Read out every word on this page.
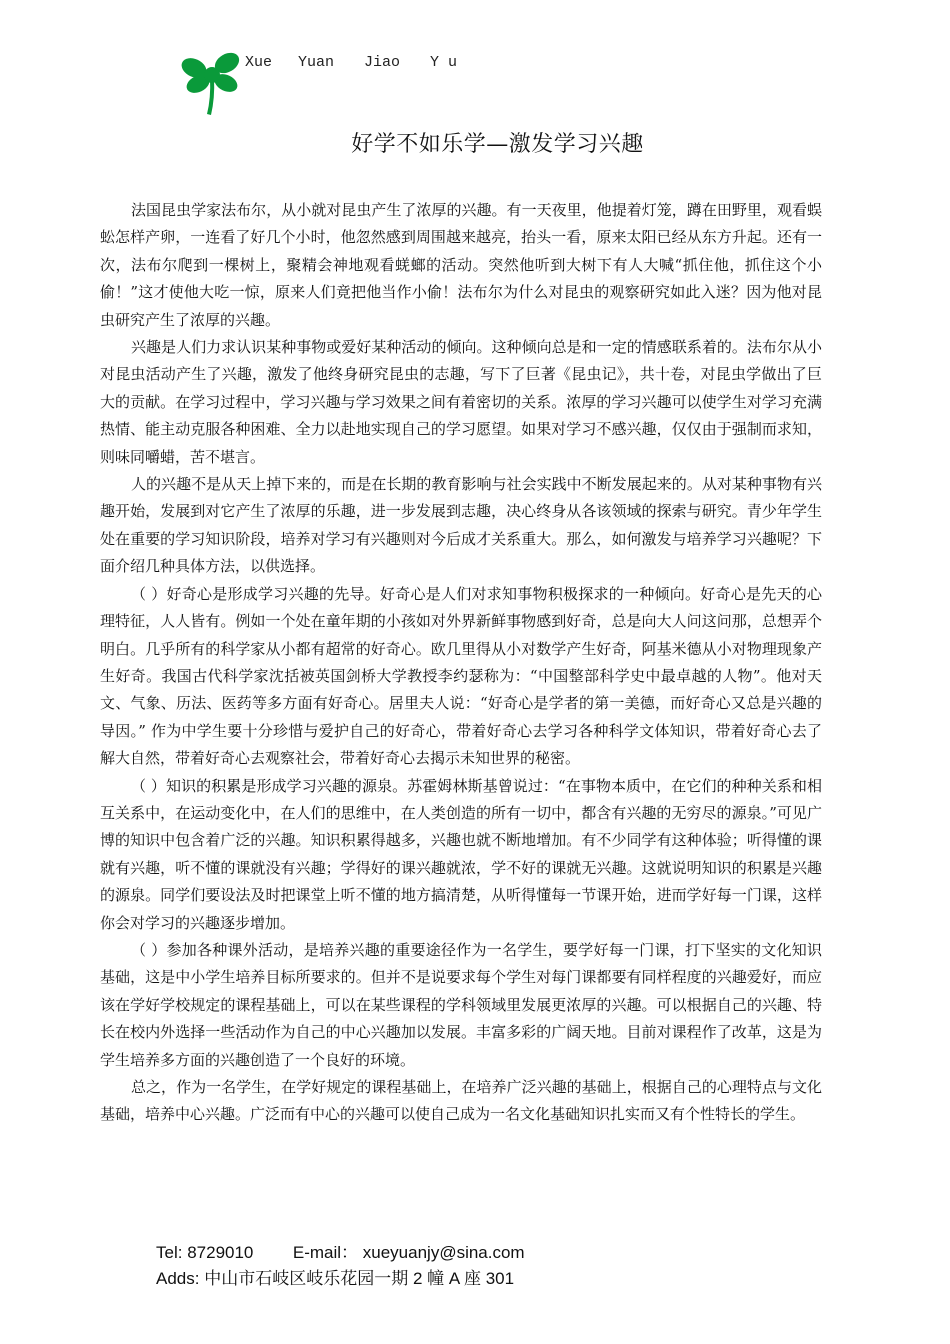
Xue Yuan Jiao Y u
好学不如乐学—激发学习兴趣

法国昆虫学家法布尔，从小就对昆虫产生了浓厚的兴趣。有一天夜里，他提着灯笼，蹲在田野里，观看蜈蚣怎样产卵，一连看了好几个小时，他忽然感到周围越来越亮，抬头一看，原来太阳已经从东方升起。还有一次，法布尔爬到一棵树上，聚精会神地观看蜣螂的活动。突然他听到大树下有人大喊“抓住他，抓住这个小偷！”这才使他大吃一惊，原来人们竟把他当作小偷！法布尔为什么对昆虫的观察研究如此入迷？因为他对昆虫研究产生了浓厚的兴趣。

兴趣是人们力求认识某种事物或爱好某种活动的倾向。这种倾向总是和一定的情感联系着的。法布尔从小对昆虫活动产生了兴趣，激发了他终身研究昆虫的志趣，写下了巨著《昆虫记》，共十卷，对昆虫学做出了巨大的贡献。在学习过程中，学习兴趣与学习效果之间有着密切的关系。浓厚的学习兴趣可以使学生对学习充满热情、能主动克服各种困难、全力以赴地实现自己的学习愿望。如果对学习不感兴趣，仅仅由于强制而求知，则味同嚼蜡，苦不堪言。

人的兴趣不是从天上掉下来的，而是在长期的教育影响与社会实践中不断发展起来的。从对某种事物有兴趣开始，发展到对它产生了浓厚的乐趣，进一步发展到志趣，决心终身从各该领域的探索与研究。青少年学生处在重要的学习知识阶段，培养对学习有兴趣则对今后成才关系重大。那么，如何激发与培养学习兴趣呢？下面介绍几种具体方法，以供选择。

（ ）好奇心是形成学习兴趣的先导。好奇心是人们对求知事物积极探求的一种倾向。好奇心是先天的心理特征，人人皆有。例如一个处在童年期的小孩如对外界新鲜事物感到好奇，总是向大人问这问那，总想弄个明白。几乎所有的科学家从小都有超常的好奇心。欧几里得从小对数学产生好奇，阿基米德从小对物理现象产生好奇。我国古代科学家沈括被英国剑桥大学教授李约瑟称为：“中国整部科学史中最卓越的人物”。他对天文、气象、历法、医药等多方面有好奇心。居里夫人说：“好奇心是学者的第一美德，而好奇心又总是兴趣的导因。” 作为中学生要十分珍惜与爱护自己的好奇心，带着好奇心去学习各种科学文体知识，带着好奇心去了解大自然，带着好奇心去观察社会，带着好奇心去揭示未知世界的秘密。

（ ）知识的积累是形成学习兴趣的源泉。苏霍姆林斯基曾说过：“在事物本质中，在它们的种种关系和相互关系中，在运动变化中，在人们的思维中，在人类创造的所有一切中，都含有兴趣的无穷尽的源泉。”可见广博的知识中包含着广泛的兴趣。知识积累得越多，兴趣也就不断地增加。有不少同学有这种体验；听得懂的课就有兴趣，听不懂的课就没有兴趣；学得好的课兴趣就浓，学不好的课就无兴趣。这就说明知识的积累是兴趣的源泉。同学们要设法及时把课堂上听不懂的地方搞清楚，从听得懂每一节课开始，进而学好每一门课，这样你会对学习的兴趣逐步增加。

（ ）参加各种课外活动，是培养兴趣的重要途径作为一名学生，要学好每一门课，打下坚实的文化知识基础，这是中小学生培养目标所要求的。但并不是说要求每个学生对每门课都要有同样程度的兴趣爱好，而应该在学好学校规定的课程基础上，可以在某些课程的学科领域里发展更浓厚的兴趣。可以根据自己的兴趣、特长在校内外选择一些活动作为自己的中心兴趣加以发展。丰富多彩的广阔天地。目前对课程作了改革，这是为学生培养多方面的兴趣创造了一个良好的环境。

总之，作为一名学生，在学好规定的课程基础上，在培养广泛兴趣的基础上，根据自己的心理特点与文化基础，培养中心兴趣。广泛而有中心的兴趣可以使自己成为一名文化基础知识扎实而又有个性特长的学生。

Tel: 8729010 E-mail： xueyuanjy@sina.com
Adds: 中山市石岐区岐乐花园一期 2 幢 A 座 301
